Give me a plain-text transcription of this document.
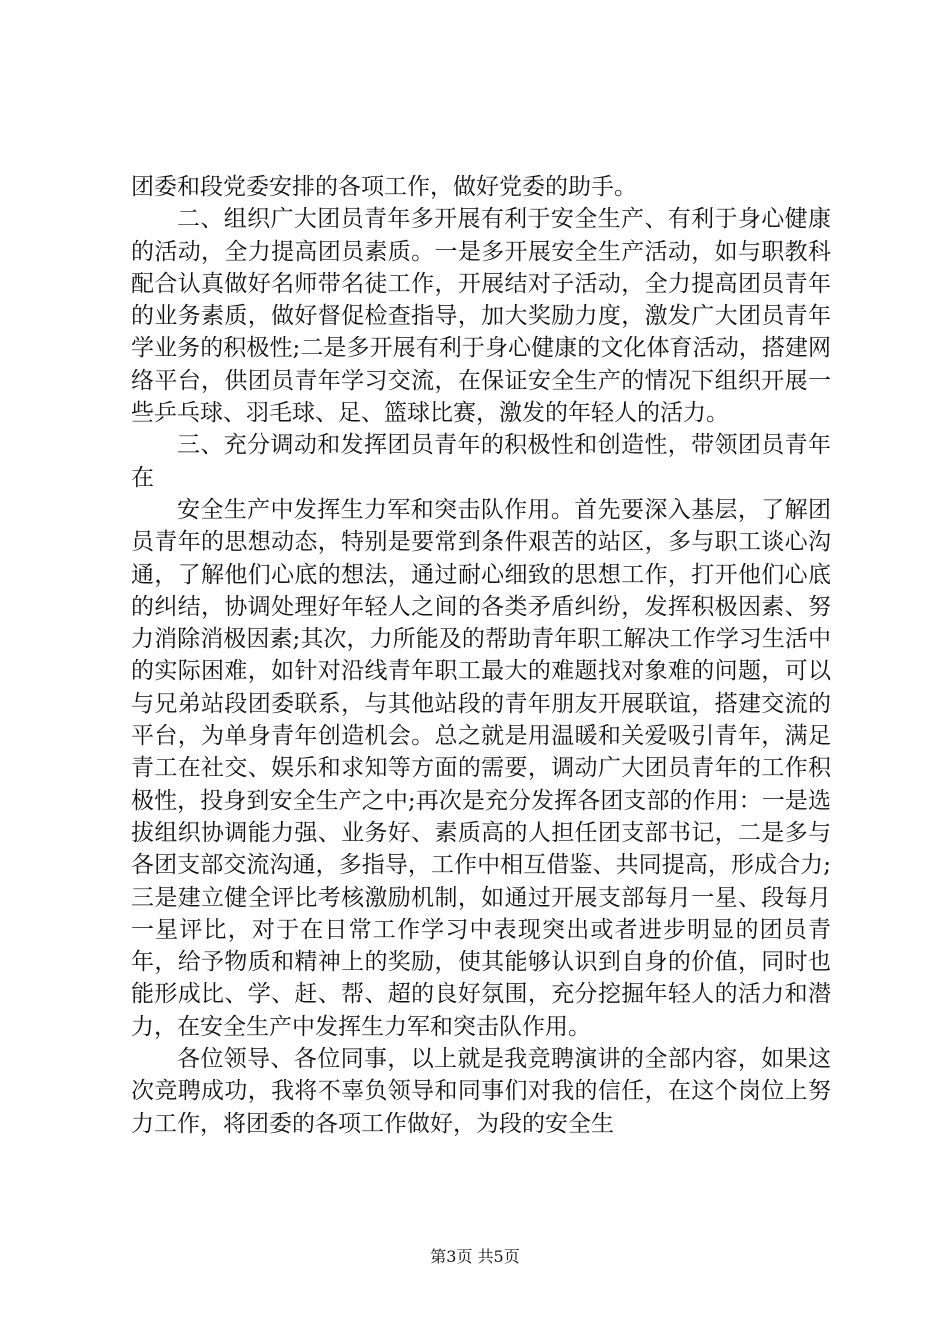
团委和段党委安排的各项工作，做好党委的助手。

二、组织广大团员青年多开展有利于安全生产、有利于身心健康的活动，全力提高团员素质。一是多开展安全生产活动，如与职教科配合认真做好名师带名徒工作，开展结对子活动，全力提高团员青年的业务素质，做好督促检查指导，加大奖励力度，激发广大团员青年学业务的积极性;二是多开展有利于身心健康的文化体育活动，搭建网络平台，供团员青年学习交流，在保证安全生产的情况下组织开展一些乒乓球、羽毛球、足、篮球比赛，激发的年轻人的活力。

三、充分调动和发挥团员青年的积极性和创造性，带领团员青年在

安全生产中发挥生力军和突击队作用。首先要深入基层，了解团员青年的思想动态，特别是要常到条件艰苦的站区，多与职工谈心沟通，了解他们心底的想法，通过耐心细致的思想工作，打开他们心底的纠结，协调处理好年轻人之间的各类矛盾纠纷，发挥积极因素、努力消除消极因素;其次，力所能及的帮助青年职工解决工作学习生活中的实际困难，如针对沿线青年职工最大的难题找对象难的问题，可以与兄弟站段团委联系，与其他站段的青年朋友开展联谊，搭建交流的平台，为单身青年创造机会。总之就是用温暖和关爱吸引青年，满足青工在社交、娱乐和求知等方面的需要，调动广大团员青年的工作积极性，投身到安全生产之中;再次是充分发挥各团支部的作用：一是选拔组织协调能力强、业务好、素质高的人担任团支部书记，二是多与各团支部交流沟通，多指导，工作中相互借鉴、共同提高，形成合力;三是建立健全评比考核激励机制，如通过开展支部每月一星、段每月一星评比，对于在日常工作学习中表现突出或者进步明显的团员青年，给予物质和精神上的奖励，使其能够认识到自身的价值，同时也能形成比、学、赶、帮、超的良好氛围，充分挖掘年轻人的活力和潜力，在安全生产中发挥生力军和突击队作用。

各位领导、各位同事，以上就是我竞聘演讲的全部内容，如果这次竞聘成功，我将不辜负领导和同事们对我的信任，在这个岗位上努力工作，将团委的各项工作做好，为段的安全生

第3页 共5页
